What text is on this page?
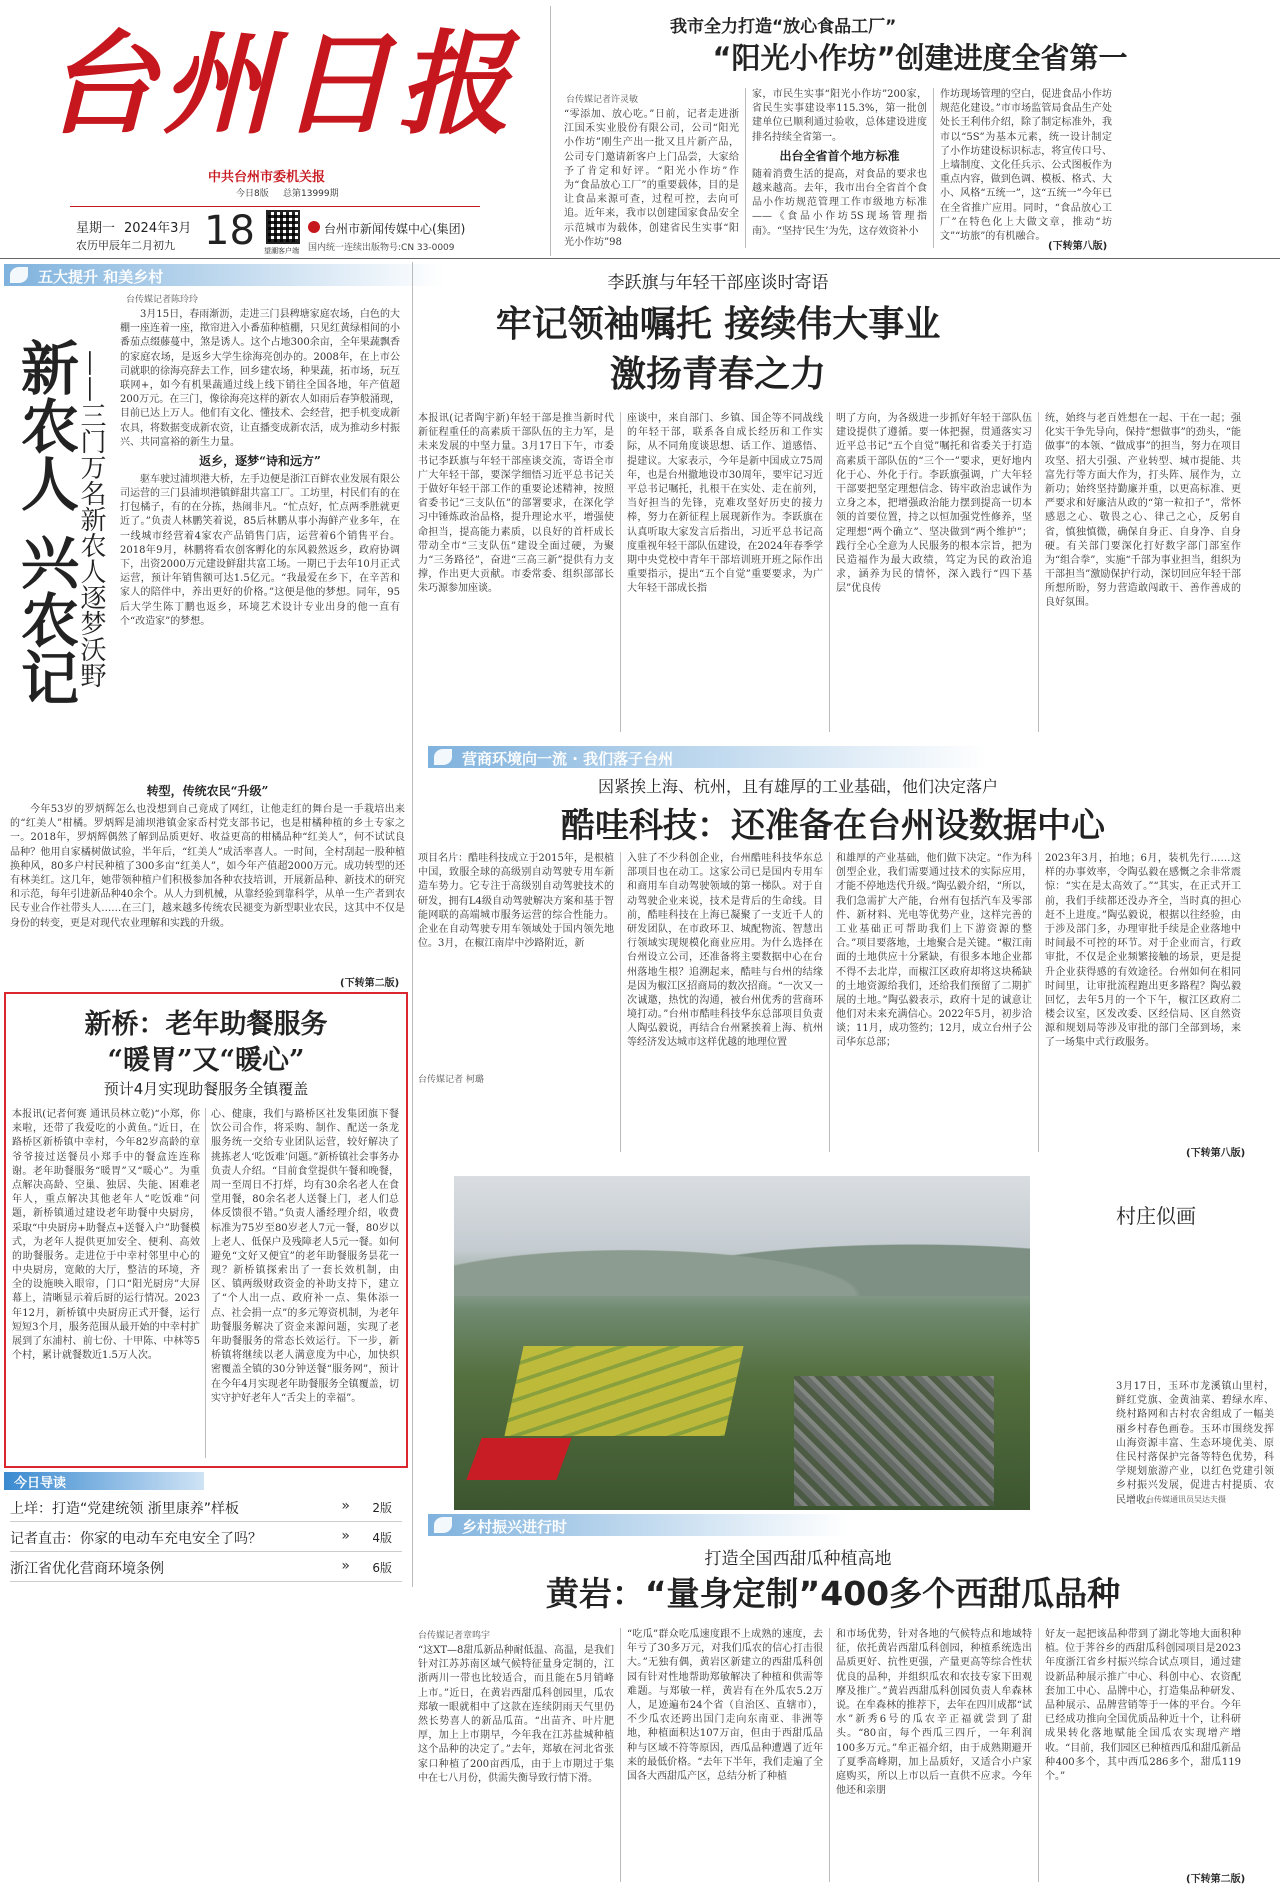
台州日报
中共台州市委机关报
今日8版 总第13999期
星期一 2024年3月
农历甲辰年二月初九 18 望潮客户端
台州市新闻传媒中心(集团)
国内统一连续出版物号:CN 33-0009
我市全力打造“放心食品工厂”
“阳光小作坊”创建进度全省第一
台传媒记者许灵敏
“零添加、放心吃。”日前，记者走进浙江国禾实业股份有限公司，公司“阳光小作坊”刚生产出一批又且片新产品，公司专门邀请新客户上门品尝，大家给予了肯定和好评。“阳光小作坊”作为“食品放心工厂”的重要载体，目的是让食品来源可查，过程可控，去向可追。近年来，我市以创建国家食品安全示范城市为载体，创建省民生实事“阳光小作坊”98
家，市民生实事“阳光小作坊”200家，省民生实事建设率115.3%，第一批创建单位已顺利通过验收，总体建设进度排名持续全省第一。
出台全省首个地方标准
随着消费生活的提高，对食品的要求也越来越高。去年，我市出台全省首个食品小作坊规范管理工作市级地方标准——《食品小作坊5S现场管理指南》。“坚持‘民生’为先，这存效资补小
作坊现场管理的空白，促进食品小作坊规范化建设。”市市场监管局食品生产处处长王利伟介绍，除了制定标准外，我市以“5S”为基本元素，统一设计制定了小作坊建设标识标志，将宣传口号、上墙制度、文化任兵示、公式图板作为重点内容，做到色调、模板、格式、大小、风格“五统一”，这“五统一”今年已在全省推广应用。同时，“食品放心工厂”在特色化上大做文章，推动“坊文”“坊旅”的有机融合。
(下转第八版)
五大提升 和美乡村
台传媒记者陈玲玲
新农人 兴农记
——三门万名新农人逐梦沃野

3月15日，春雨渐沥，走进三门县稗塘家庭农场，白色的大棚一座连着一座，揿帘进入小番茄种植棚，只见红黄绿相间的小番茄点缀藤蔓中，煞是诱人。这个占地300余亩，全年果蔬飘香的家庭农场，是返乡大学生徐海亮创办的。2008年，在上市公司就职的徐海亮辞去工作，回乡建农场，种果蔬，拓市场，玩互联网+，如今有机果蔬通过线上线下销往全国各地，年产值超200万元。在三门，像徐海亮这样的新农人如雨后春笋般涌现，目前已达上万人。他们有文化、懂技术、会经营，把手机变成新农具，将数据变成新农资，让直播变成新农活，成为推动乡村振兴、共同富裕的新生力量。

返乡，逐梦“诗和远方”

驱车驶过浦坝港大桥，左手边便是浙江百鲜农业发展有限公司运营的三门县浦坝港镇鲜甜共富工厂。工坊里，村民们有的在打包橘子，有的在分拣，热闹非凡。“忙点好，忙点两季胜就更近了。”负责人林鹏笑着说，85后林鹏从事小海鲜产业多年，在一线城市经营着4家农产品销售门店，运营着6个销售平台。2018年9月，林鹏将看农创客孵化的东风毅然返乡，政府协调下，出资2000万元建设鲜甜共富工场。一期已于去年10月正式运营，预计年销售额可达1.5亿元。“我最爱在乡下，在辛苦和家人的陪伴中，养出更好的价格。”这便是他的梦想。同年，95后大学生陈丁鹏也返乡，环境艺术设计专业出身的他一直有个“改造家”的梦想。

转型，传统农民“升级”

今年53岁的罗炳辉怎么也没想到自己竟成了网红，让他走红的舞台是一手栽培出来的“红美人”柑橘。罗炳辉是浦坝港镇金家岙村党支部书记，也是柑橘种植的乡土专家之一。2018年，罗炳辉偶然了解到品质更好、收益更高的柑橘品种“红美人”，何不试试良品种？他用自家橘树做试验，半年后，“红美人”成活率喜人。一时间，全村刮起一股种植换种风，80多户村民种植了300多亩“红美人”，如今年产值超2000万元。成功转型的还有林美红。这几年，她带领种植户们积极参加各种农技培训，开展新品种、新技术的研究和示范，每年引进新品种40余个。从人力到机械，从靠经验到靠科学，从单一生产者到农民专业合作社带头人……在三门，越来越多传统农民褪变为新型职业农民，这其中不仅是身份的转变，更是对现代农业理解和实践的升级。

(下转第二版)
新桥：老年助餐服务
“暖胃”又“暖心”
预计4月实现助餐服务全镇覆盖
本报讯(记者何赛 通讯员林立乾)“小郑，你来啦，还带了我爱吃的小黄鱼。”近日，在路桥区新桥镇中幸村，今年82岁高龄的章爷爷接过送餐员小郑手中的餐盒连连称谢。老年助餐服务“暖胃”又“暖心”。为重点解决高龄、空巢、独居、失能、困难老年人，重点解决其他老年人“吃饭难”问题，新桥镇通过建设老年助餐中央厨房，采取“中央厨房+助餐点+送餐入户”助餐模式，为老年人提供更加安全、便利、高效的助餐服务。走进位于中幸村邻里中心的中央厨房，宽敞的大厅，整洁的环境，齐全的设施映入眼帘，门口“阳光厨房”大屏幕上，清晰显示着后厨的运行情况。2023年12月，新桥镇中央厨房正式开餐，运行短短3个月，服务范围从最开始的中幸村扩展到了东浦村、前七份、十甲陈、中林等5个村，累计就餐数近1.5万人次。
心、健康，我们与路桥区社发集团旗下餐饮公司合作，将采购、制作、配送一条龙服务统一交给专业团队运营，较好解决了挑拣老人‘吃饭难’问题。”新桥镇社会事务办负责人介绍。“目前食堂提供午餐和晚餐，周一至周日不打烊，均有30余名老人在食堂用餐，80余名老人送餐上门，老人们总体反馈很不错。”负责人潘经理介绍，收费标准为75岁至80岁老人7元一餐，80岁以上老人、低保户及残障老人5元一餐。如何避免“文好又便宜”的老年助餐服务昙花一现？新桥镇探索出了一套长效机制，由区、镇两级财政资金的补助支持下，建立了“个人出一点、政府补一点、集体添一点、社会捐一点”的多元筹资机制，为老年助餐服务解决了资金来源问题，实现了老年助餐服务的常态长效运行。下一步，新桥镇将继续以老人满意度为中心，加快织密覆盖全镇的30分钟送餐“服务网”，预计在今年4月实现老年助餐服务全镇覆盖，切实守护好老年人“舌尖上的幸福”。
今日导读
上垟：打造“党建统领 浙里康养”样板	» 2版
记者直击：你家的电动车充电安全了吗？	» 4版
浙江省优化营商环境条例	» 6版
李跃旗与年轻干部座谈时寄语
牢记领袖嘱托 接续伟大事业
激扬青春之力
本报讯(记者陶宇新)年轻干部是推当新时代新征程重任的高素质干部队伍的主力军，是未来发展的中坚力量。3月17日下午，市委书记李跃旗与年轻干部座谈交流，寄语全市广大年轻干部，要深学细悟习近平总书记关于做好年轻干部工作的重要论述精神，按照省委书记“三支队伍”的部署要求，在深化学习中锤炼政治品格，提升理论水平，增强使命担当，提高能力素质，以良好的首杆成长带动全市“三支队伍”建设全面过硬，为聚力“三务路径”，奋进“三高三新”提供有力支撑，作出更大贡献。市委常委、组织部部长朱巧源参加座谈。
座谈中，来自部门、乡镇、国企等不同战线的年轻干部，联系各自成长经历和工作实际，从不同角度谈思想、话工作、道感悟、提建议。大家表示，今年是新中国成立75周年，也是台州撤地设市30周年，要牢记习近平总书记嘱托，扎根干在实处、走在前列，当好担当的先锋，克难攻坚好历史的接力棒，努力在新征程上展现新作为。李跃旗在认真听取大家发言后指出，习近平总书记高度重视年轻干部队伍建设，在2024年春季学期中央党校中青年干部培训班开班之际作出重要指示，提出“五个自觉”重要要求，为广大年轻干部成长指
明了方向，为各级进一步抓好年轻干部队伍建设提供了遵循。要一体把握，贯通落实习近平总书记“五个自觉”嘱托和省委关于打造高素质干部队伍的“三个一”要求，更好地内化于心、外化于行。李跃旗强调，广大年轻干部要把坚定理想信念、铸牢政治忠诚作为立身之本，把增强政治能力摆到提高一切本领的首要位置，持之以恒加强党性修养，坚定理想“两个确立”、坚决做到“两个维护”；践行全心全意为人民服务的根本宗旨，把为民造福作为最大政绩，笃定为民的政治追求，涵养为民的情怀，深入践行“四下基层”优良传
统，始终与老百姓想在一起、干在一起；强化实干争先导向，保持“想做事”的劲头，“能做事”的本领、“做成事”的担当，努力在项目攻坚、招大引强、产业转型、城市提能、共富先行等方面大作为，打头阵、展作为，立新功；始终坚持勤廉并重，以更高标准、更严要求和好廉洁从政的“第一粒扣子”，常怀感恩之心、敬畏之心、律己之心，反躬自省，慎独慎微，确保自身正、自身净、自身硬。有关部门要深化打好数字部门部室作为“组合拳”，实施“千部为事业担当，组织为干部担当”激励保护行动，深切回应年轻干部所想所盼，努力营造敢闯敢干、善作善成的良好氛围。
营商环境向一流 · 我们落子台州
因紧挨上海、杭州，且有雄厚的工业基础，他们决定落户
酷哇科技：还准备在台州设数据中心
项目名片：酷哇科技成立于2015年，是根植中国，致服全球的高级别自动驾驶专用车新造车势力。它专注于高级别自动驾驶技术的研发，拥有L4级自动驾驶解决方案和基于智能网联的高端城市服务运营的综合性能力。企业在自动驾驶专用车领域处于国内领先地位。3月，在椒江南岸中沙路附近，新
台传媒记者 柯璐
入驻了不少科创企业，台州酷哇科技华东总部项目也在动工。这家公司已是国内专用车和商用车自动驾驶领域的第一梯队。对于自动驾驶企业来说，技术是背后的生命线。目前，酷哇科技在上海已凝聚了一支近千人的研发团队，在市政环卫、城配物流、智慧出行领域实现规模化商业应用。为什么选择在台州设立公司，还准备将主要数据中心在台州落地生根？追溯起来，酷哇与台州的结缘是因为椒江区招商局的数次招商。“一次又一次诚邀，热忱的沟通，被台州优秀的营商环境打动。”台州市酷哇科技华东总部项目负责人陶弘毅说，再结合台州紧挨着上海、杭州等经济发达城市这样优越的地理位置
和雄厚的产业基础，他们做下决定。“作为科创型企业，我们需要通过技术的实际应用，才能不停地迭代升级。”陶弘毅介绍，“所以，我们急需扩大产能，台州有包括汽车及零部件、新材料、光电等优势产业，这样完善的工业基础正可帮助我们上下游资源的整合。”项目要落地，土地聚合是关键。“椒江南面的土地供应十分紧缺，有很多本地企业都不得不去北岸，而椒江区政府却将这块稀缺的土地资源给我们，还给我们预留了二期扩展的土地。”陶弘毅表示，政府十足的诚意让他们对未来充满信心。2022年5月，初步洽谈；11月，成功签约；12月，成立台州子公司华东总部；
2023年3月，拍地；6月，装机先行……这样的办事效率，令陶弘毅在感慨之余非常震惊：“实在是太高效了。”“其实，在正式开工前，我们手续都还没办齐全，当时真的担心赶不上进度。”陶弘毅说，根据以往经验，由于涉及部门多，办理审批手续是企业落地中时间最不可控的环节。对于企业而言，行政审批，不仅是企业频繁接触的场景，更是提升企业获得感的有效途径。台州如何在相同时间里，让审批流程跑出更多路程？陶弘毅回忆，去年5月的一个下午，椒江区政府二楼会议室，区发改委、区经信局、区自然资源和规划局等涉及审批的部门全部到场，来了一场集中式行政服务。
(下转第八版)
村庄似画
3月17日，玉环市龙溪镇山里村，鲜红党旗、金黄油菜、碧绿水库、绕村路网和古村农舍组成了一幅美丽乡村春色画卷。玉环市围绕发挥山海资源丰富、生态环境优美、原住民村落保护完备等特色优势，科学规划旅游产业，以红色党建引领乡村振兴发展，促进古村提质、农民增收。
台传媒通讯员吴达夫摄
乡村振兴进行时
打造全国西甜瓜种植高地
黄岩：“量身定制”400多个西甜瓜品种
台传媒记者章鸣宇
“这XT—8甜瓜新品种耐低温、高温，是我们针对江苏苏南区域气候特征量身定制的，江浙两川一带也比较适合，而且能在5月销峰上市。”近日，在黄岩西甜瓜科创园里，瓜农郑敏一眼就相中了这款在连续阴雨天气里仍然长势喜人的新品瓜苗。“出苗齐、叶片肥厚，加上上市期早，今年我在江苏盐城种植这个品种的决定了。”去年，郑敏在河北省张家口种植了200亩西瓜，由于上市期过于集中在七八月份，供需失衡导致行情下滑。
“吃瓜”群众吃瓜速度跟不上成熟的速度，去年亏了30多万元，对我们瓜农的信心打击很大。”无独有偶，黄岩区新建立的西甜瓜科创园有针对性地帮助郑敏解决了种植和供需等难题。与郑敏一样，黄岩有在外瓜农5.2万人，足迹遍布24个省（自治区、直辖市），不少瓜农还跨出国门走向东南亚、非洲等地，种植面积达107万亩，但由于西甜瓜品种与区域不符等原因，西瓜品种遭遇了近年来的最低价格。“去年下半年，我们走遍了全国各大西甜瓜产区，总结分析了种植
和市场优势，针对各地的气候特点和地域特征，依托黄岩西甜瓜科创园，种植系统选出品质更好、抗性更强，产量更高等综合性状优良的品种，并组织瓜农和农技专家下田观摩及推广。”黄岩西甜瓜科创园负责人牟森林说。在牟森林的推荐下，去年在四川成都“试水”新秀6号的瓜农辛正福就尝到了甜头。“80亩，每个西瓜三四斤，一年利润100多万元。”牟正福介绍，由于成熟期避开了夏季高峰期，加上品质好，又适合小户家庭购买，所以上市以后一直供不应求。今年他还和亲朋
好友一起把该品种带到了湖北等地大面积种植。位于荠谷乡的西甜瓜科创园项目是2023年度浙江省乡村振兴综合试点项目，通过建设新品种展示推广中心、科创中心、农资配套加工中心、品牌中心，打造集品种研发、品种展示、品牌营销等于一体的平台。今年已经成功推向全国优质品种近十个，让科研成果转化落地赋能全国瓜农实现增产增收。“目前，我们园区已种植西瓜和甜瓜新品种400多个，其中西瓜286多个，甜瓜119个。”
(下转第二版)
